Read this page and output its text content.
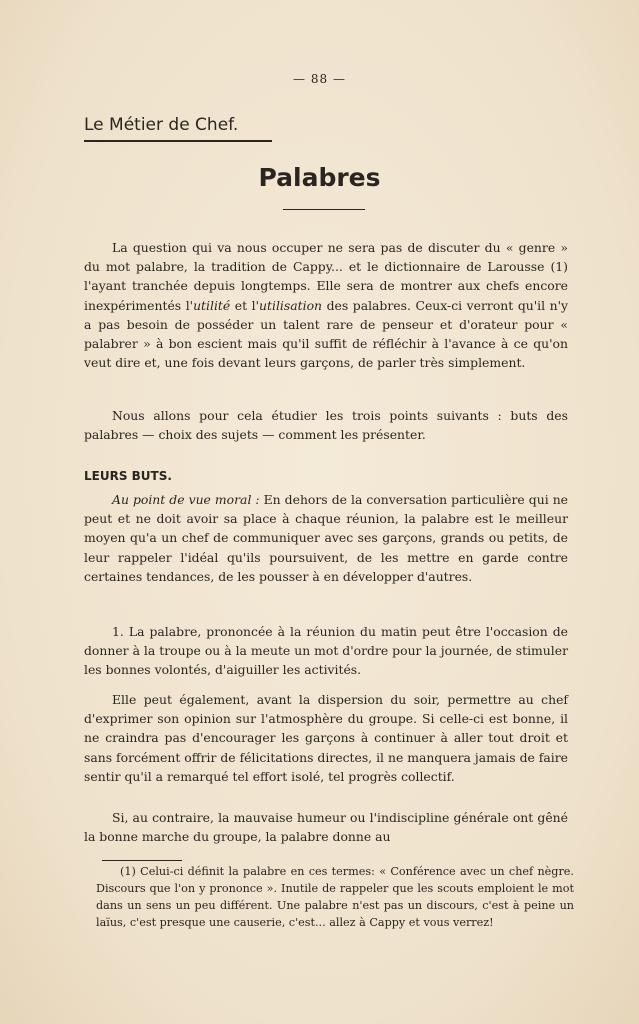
— 88 —
Le Métier de Chef.
Palabres

La question qui va nous occuper ne sera pas de discuter du « genre » du mot palabre, la tradition de Cappy... et le dictionnaire de Larousse (1) l'ayant tranchée depuis longtemps. Elle sera de montrer aux chefs encore inexpérimentés l'utilité et l'utilisation des palabres. Ceux-ci verront qu'il n'y a pas besoin de posséder un talent rare de penseur et d'orateur pour « palabrer » à bon escient mais qu'il suffit de réfléchir à l'avance à ce qu'on veut dire et, une fois devant leurs garçons, de parler très simplement.

Nous allons pour cela étudier les trois points suivants : buts des palabres — choix des sujets — comment les présenter.

LEURS BUTS.

Au point de vue moral : En dehors de la conversation particulière qui ne peut et ne doit avoir sa place à chaque réunion, la palabre est le meilleur moyen qu'a un chef de communiquer avec ses garçons, grands ou petits, de leur rappeler l'idéal qu'ils poursuivent, de les mettre en garde contre certaines tendances, de les pousser à en développer d'autres.

1. La palabre, prononcée à la réunion du matin peut être l'occasion de donner à la troupe ou à la meute un mot d'ordre pour la journée, de stimuler les bonnes volontés, d'aiguiller les activités.

Elle peut également, avant la dispersion du soir, permettre au chef d'exprimer son opinion sur l'atmosphère du groupe. Si celle-ci est bonne, il ne craindra pas d'encourager les garçons à continuer à aller tout droit et sans forcément offrir de félicitations directes, il ne manquera jamais de faire sentir qu'il a remarqué tel effort isolé, tel progrès collectif.

Si, au contraire, la mauvaise humeur ou l'indiscipline générale ont gêné la bonne marche du groupe, la palabre donne au

(1) Celui-ci définit la palabre en ces termes: « Conférence avec un chef nègre. Discours que l'on y prononce ». Inutile de rappeler que les scouts emploient le mot dans un sens un peu différent. Une palabre n'est pas un discours, c'est à peine un laïus, c'est presque une causerie, c'est... allez à Cappy et vous verrez!
